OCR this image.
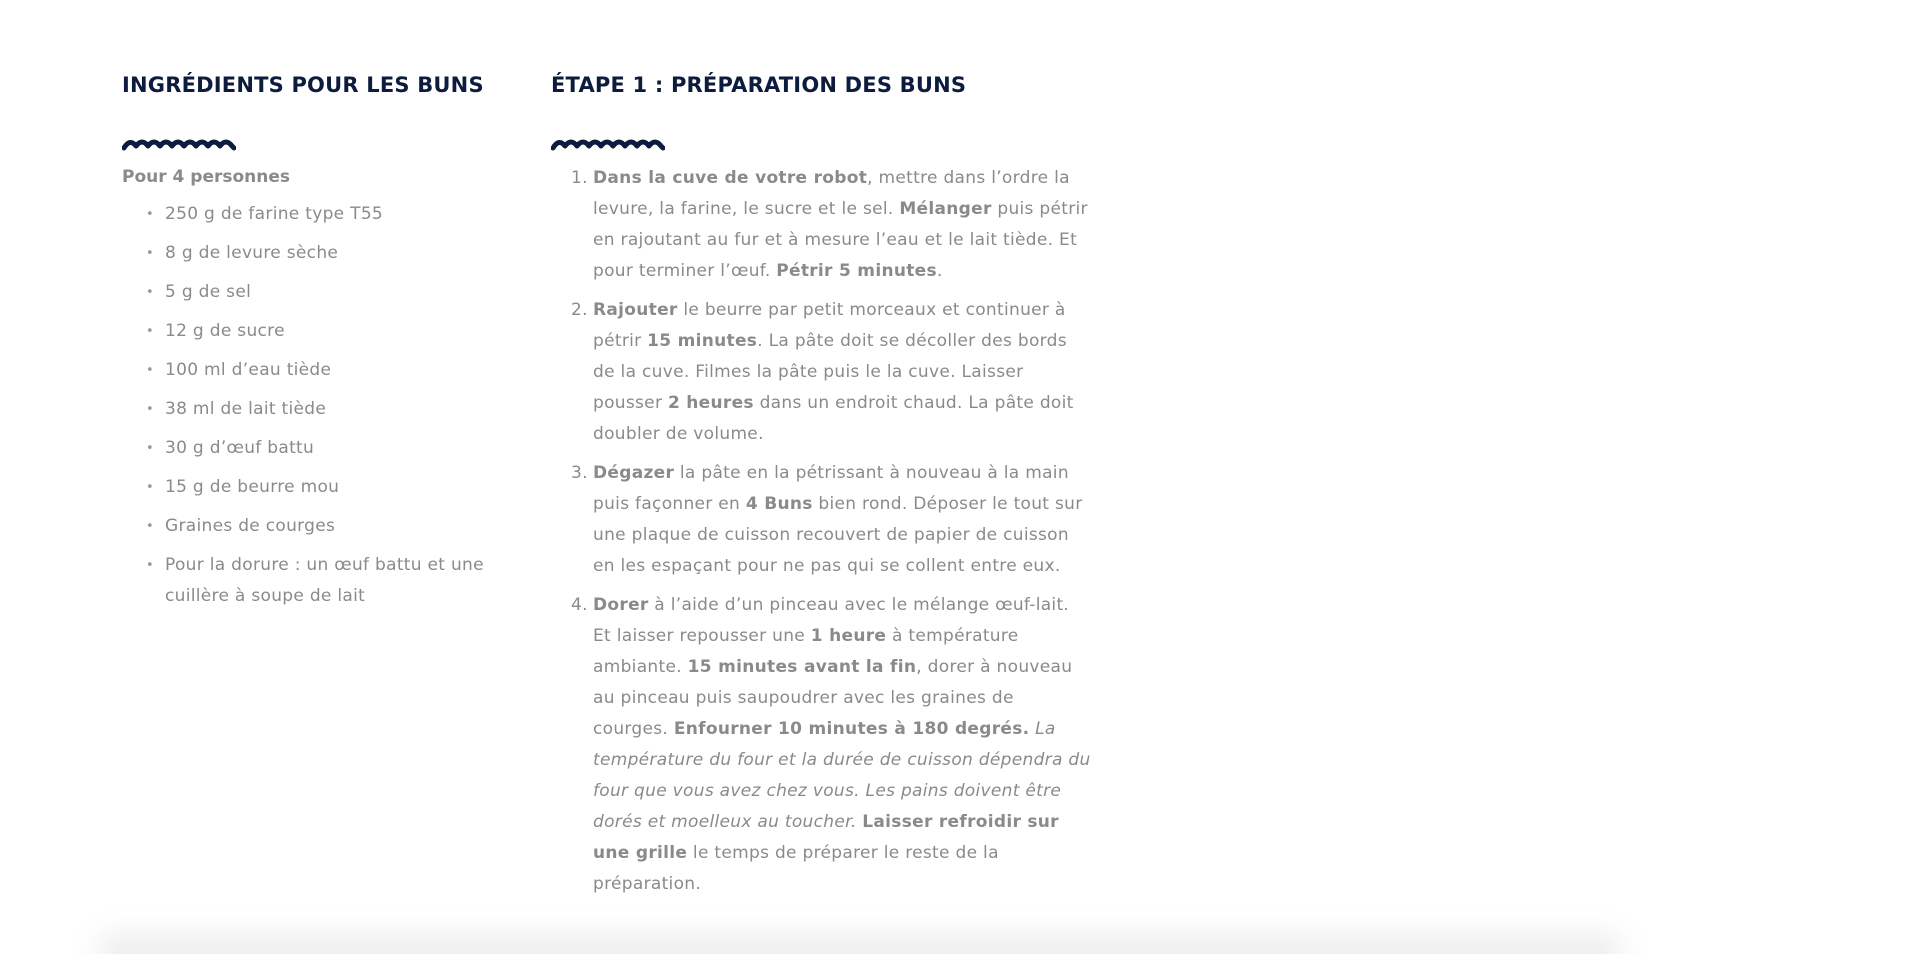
INGRÉDIENTS POUR LES BUNS

Pour 4 personnes

• 250 g de farine type T55
• 8 g de levure sèche
• 5 g de sel
• 12 g de sucre
• 100 ml d’eau tiède
• 38 ml de lait tiède
• 30 g d’œuf battu
• 15 g de beurre mou
• Graines de courges
• Pour la dorure : un œuf battu et une cuillère à soupe de lait
ÉTAPE 1 : PRÉPARATION DES BUNS
1. Dans la cuve de votre robot, mettre dans l’ordre la levure, la farine, le sucre et le sel. Mélanger puis pétrir en rajoutant au fur et à mesure l’eau et le lait tiède. Et pour terminer l’œuf. Pétrir 5 minutes.
2. Rajouter le beurre par petit morceaux et continuer à pétrir 15 minutes. La pâte doit se décoller des bords de la cuve. Filmes la pâte puis le la cuve. Laisser pousser 2 heures dans un endroit chaud. La pâte doit doubler de volume.
3. Dégazer la pâte en la pétrissant à nouveau à la main puis façonner en 4 Buns bien rond. Déposer le tout sur une plaque de cuisson recouvert de papier de cuisson en les espaçant pour ne pas qui se collent entre eux.
4. Dorer à l’aide d’un pinceau avec le mélange œuf-lait. Et laisser repousser une 1 heure à température ambiante. 15 minutes avant la fin, dorer à nouveau au pinceau puis saupoudrer avec les graines de courges. Enfourner 10 minutes à 180 degrés. La température du four et la durée de cuisson dépendra du four que vous avez chez vous. Les pains doivent être dorés et moelleux au toucher. Laisser refroidir sur une grille le temps de préparer le reste de la préparation.
